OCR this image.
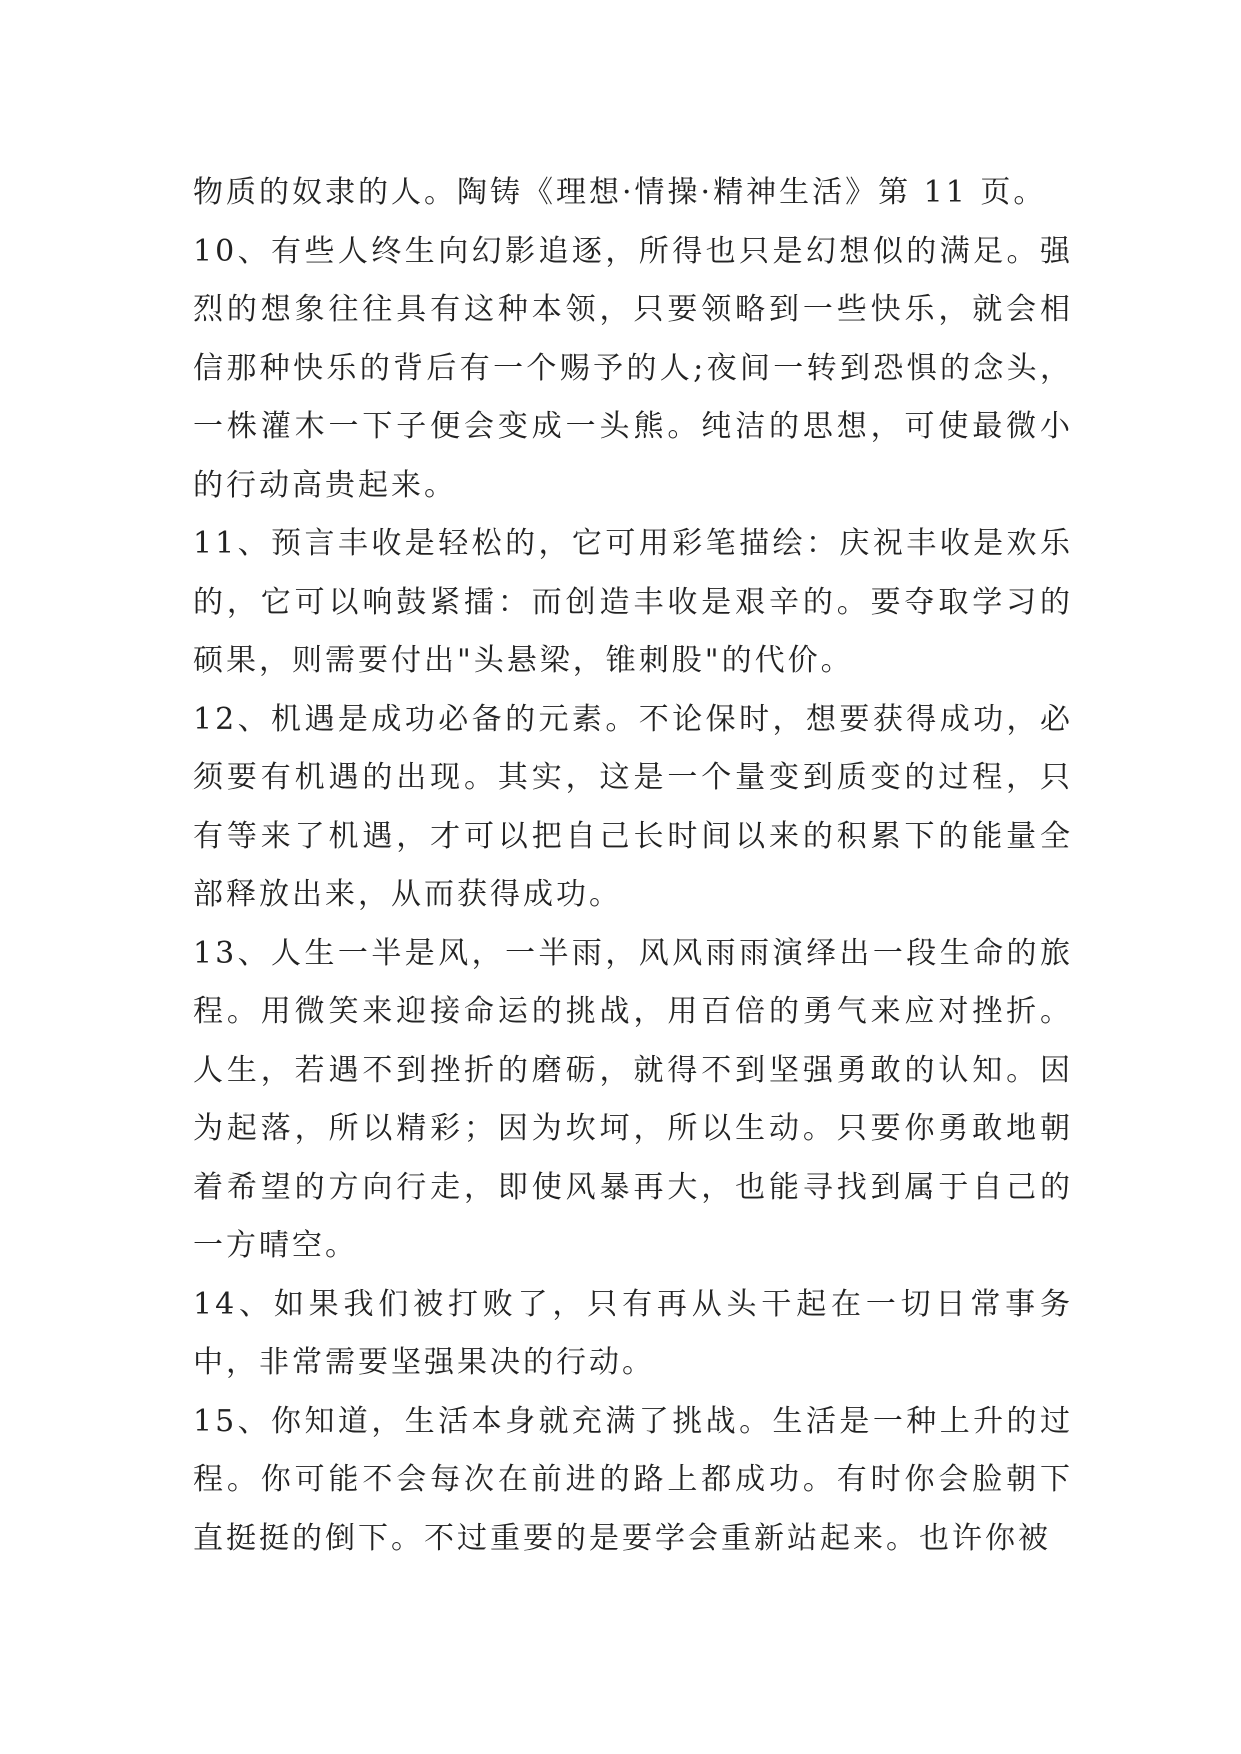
物质的奴隶的人。陶铸《理想·情操·精神生活》第 11 页。

10、有些人终生向幻影追逐，所得也只是幻想似的满足。强烈的想象往往具有这种本领，只要领略到一些快乐，就会相信那种快乐的背后有一个赐予的人;夜间一转到恐惧的念头，一株灌木一下子便会变成一头熊。纯洁的思想，可使最微小的行动高贵起来。

11、预言丰收是轻松的，它可用彩笔描绘：庆祝丰收是欢乐的，它可以响鼓紧擂：而创造丰收是艰辛的。要夺取学习的硕果，则需要付出"头悬梁，锥刺股"的代价。

12、机遇是成功必备的元素。不论保时，想要获得成功，必须要有机遇的出现。其实，这是一个量变到质变的过程，只有等来了机遇，才可以把自己长时间以来的积累下的能量全部释放出来，从而获得成功。

13、人生一半是风，一半雨，风风雨雨演绎出一段生命的旅程。用微笑来迎接命运的挑战，用百倍的勇气来应对挫折。人生，若遇不到挫折的磨砺，就得不到坚强勇敢的认知。因为起落，所以精彩；因为坎坷，所以生动。只要你勇敢地朝着希望的方向行走，即使风暴再大，也能寻找到属于自己的一方晴空。

14、如果我们被打败了，只有再从头干起在一切日常事务中，非常需要坚强果决的行动。

15、你知道，生活本身就充满了挑战。生活是一种上升的过程。你可能不会每次在前进的路上都成功。有时你会脸朝下直挺挺的倒下。不过重要的是要学会重新站起来。也许你被
